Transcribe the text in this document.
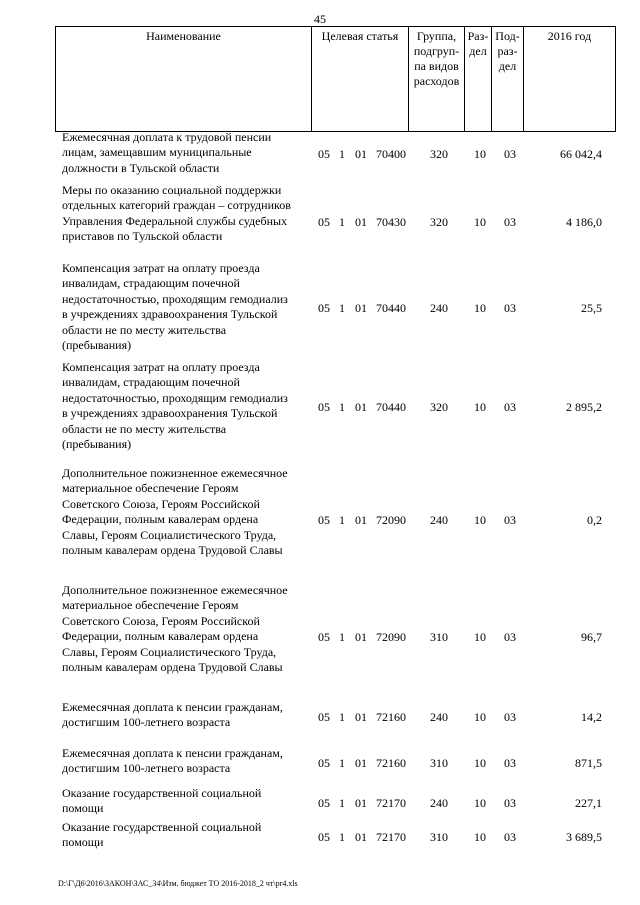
45
Наименование	Целевая статья	Группа,
подгруп-
па видов
расходов	Раз-
дел	Под-
раз-
дел	2016 год
Ежемесячная доплата к трудовой пенсии
лицам, замещавшим муниципальные
должности в Тульской области
05 1 01 70400	320	10	03	66 042,4
Меры по оказанию социальной поддержки
отдельных категорий граждан – сотрудников
Управления Федеральной службы судебных
приставов по Тульской области
05 1 01 70430	320	10	03	4 186,0
Компенсация затрат на оплату проезда
инвалидам, страдающим почечной
недостаточностью, проходящим гемодиализ
в учреждениях здравоохранения Тульской
области не по месту жительства
(пребывания)
05 1 01 70440	240	10	03	25,5
Компенсация затрат на оплату проезда
инвалидам, страдающим почечной
недостаточностью, проходящим гемодиализ
в учреждениях здравоохранения Тульской
области не по месту жительства
(пребывания)
05 1 01 70440	320	10	03	2 895,2
Дополнительное пожизненное ежемесячное
материальное обеспечение Героям
Советского Союза, Героям Российской
Федерации, полным кавалерам ордена
Славы, Героям Социалистического Труда,
полным кавалерам ордена Трудовой Славы
05 1 01 72090	240	10	03	0,2
Дополнительное пожизненное ежемесячное
материальное обеспечение Героям
Советского Союза, Героям Российской
Федерации, полным кавалерам ордена
Славы, Героям Социалистического Труда,
полным кавалерам ордена Трудовой Славы
05 1 01 72090	310	10	03	96,7
Ежемесячная доплата к пенсии гражданам,
достигшим 100-летнего возраста	05 1 01 72160	240	10	03	14,2
Ежемесячная доплата к пенсии гражданам,
достигшим 100-летнего возраста	05 1 01 72160	310	10	03	871,5
Оказание государственной социальной
помощи	05 1 01 72170	240	10	03	227,1
Оказание государственной социальной
помощи	05 1 01 72170	310	10	03	3 689,5
D:\Г\Д6\2016\ЗАКОН\ЗАС_34\Изм. бюджет ТО 2016-2018_2 чт\pr4.xls
